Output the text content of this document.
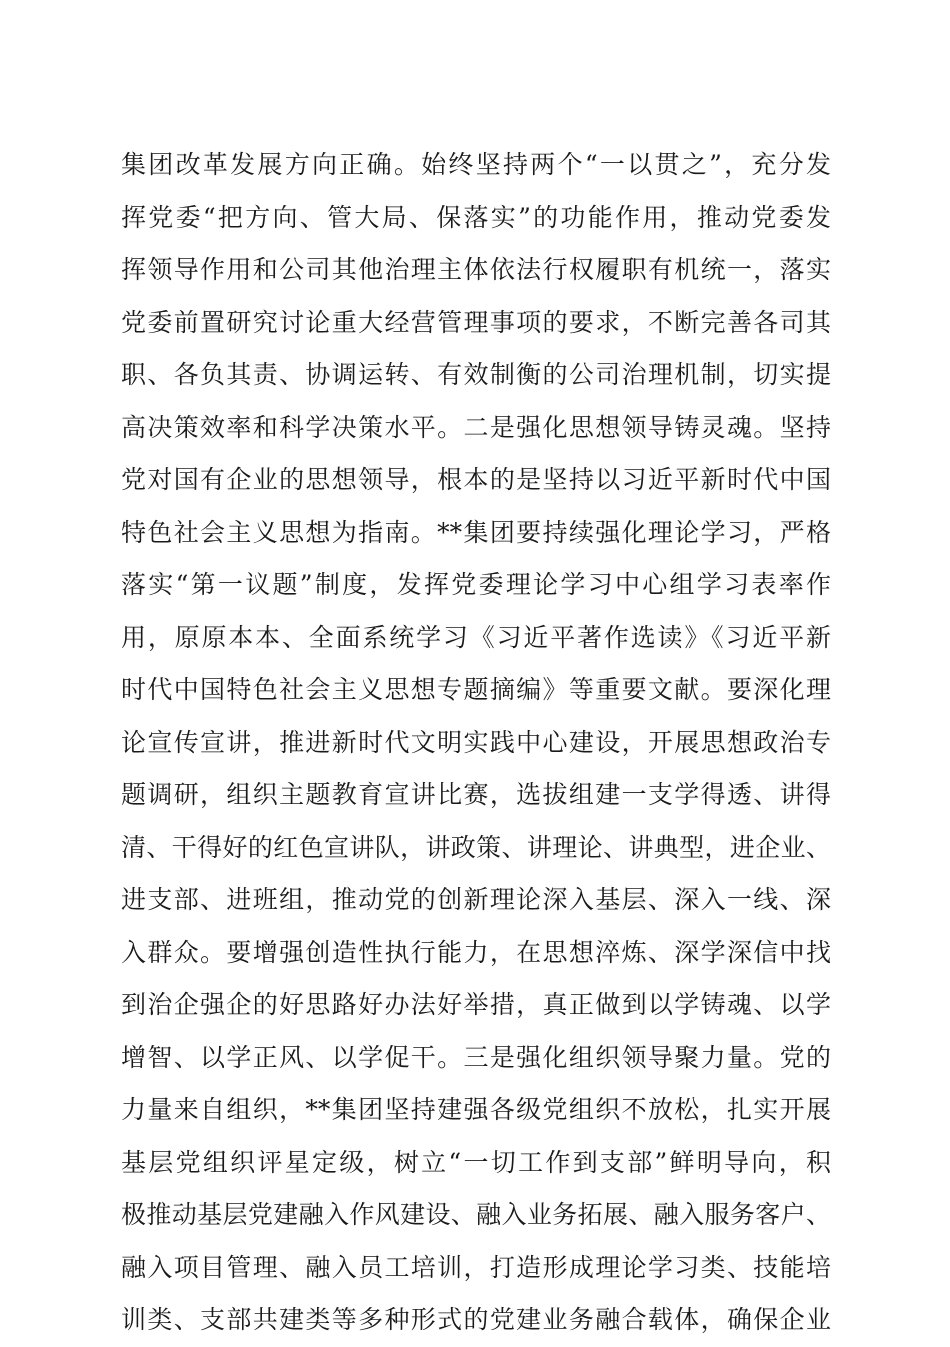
集团改革发展方向正确。始终坚持两个“一以贯之”，充分发
挥党委“把方向、管大局、保落实”的功能作用，推动党委发
挥领导作用和公司其他治理主体依法行权履职有机统一，落实
党委前置研究讨论重大经营管理事项的要求，不断完善各司其
职、各负其责、协调运转、有效制衡的公司治理机制，切实提
高决策效率和科学决策水平。二是强化思想领导铸灵魂。坚持
党对国有企业的思想领导，根本的是坚持以习近平新时代中国
特色社会主义思想为指南。**集团要持续强化理论学习，严格
落实“第一议题”制度，发挥党委理论学习中心组学习表率作
用，原原本本、全面系统学习《习近平著作选读》《习近平新
时代中国特色社会主义思想专题摘编》等重要文献。要深化理
论宣传宣讲，推进新时代文明实践中心建设，开展思想政治专
题调研，组织主题教育宣讲比赛，选拔组建一支学得透、讲得
清、干得好的红色宣讲队，讲政策、讲理论、讲典型，进企业、
进支部、进班组，推动党的创新理论深入基层、深入一线、深
入群众。要增强创造性执行能力，在思想淬炼、深学深信中找
到治企强企的好思路好办法好举措，真正做到以学铸魂、以学
增智、以学正风、以学促干。三是强化组织领导聚力量。党的
力量来自组织，**集团坚持建强各级党组织不放松，扎实开展
基层党组织评星定级，树立“一切工作到支部”鲜明导向，积
极推动基层党建融入作风建设、融入业务拓展、融入服务客户、
融入项目管理、融入员工培训，打造形成理论学习类、技能培
训类、支部共建类等多种形式的党建业务融合载体，确保企业
